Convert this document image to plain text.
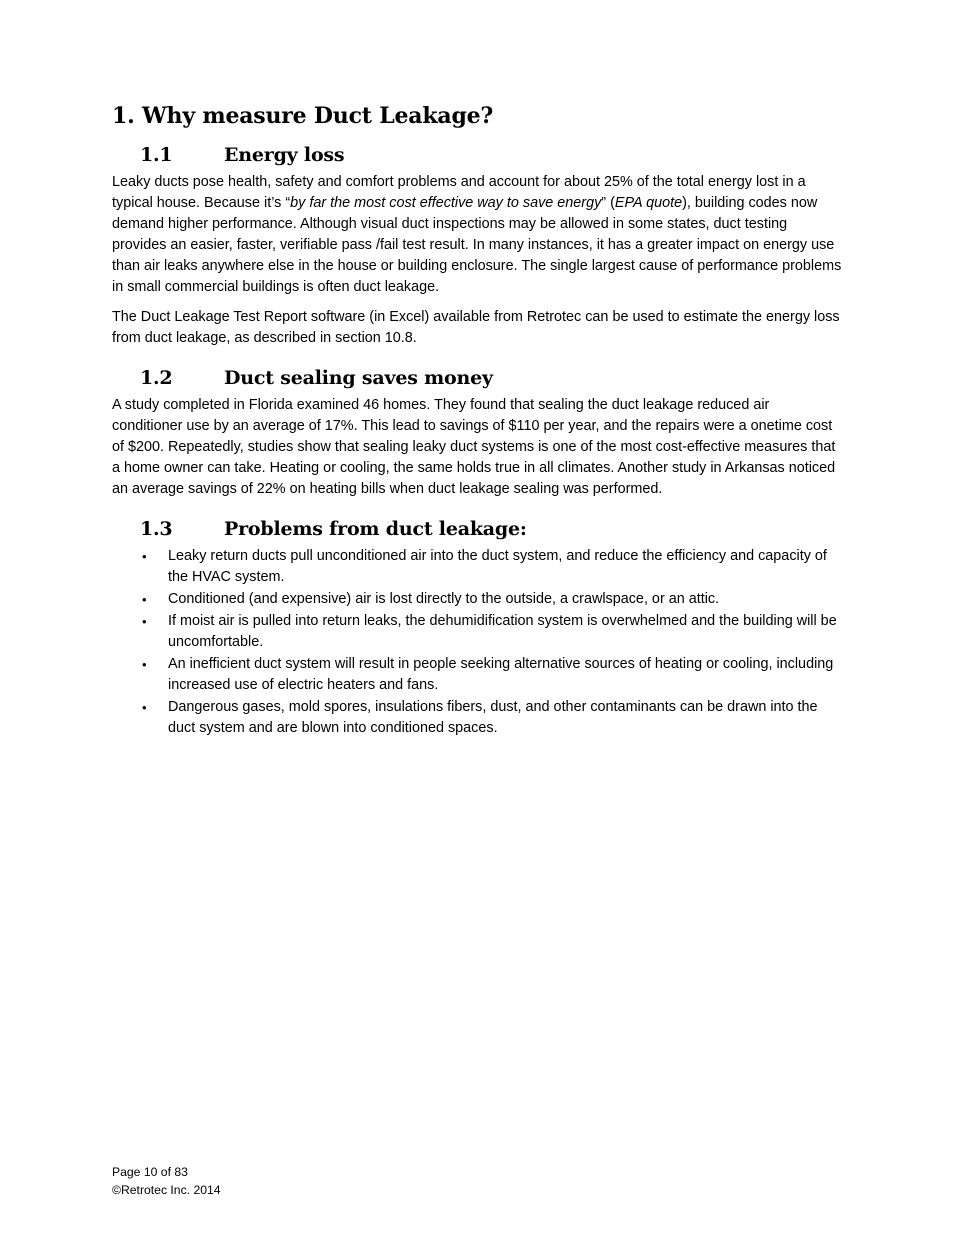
1. Why measure Duct Leakage?
1.1	Energy loss

Leaky ducts pose health, safety and comfort problems and account for about 25% of the total energy lost in a typical house. Because it’s “by far the most cost effective way to save energy” (EPA quote), building codes now demand higher performance. Although visual duct inspections may be allowed in some states, duct testing provides an easier, faster, verifiable pass /fail test result. In many instances, it has a greater impact on energy use than air leaks anywhere else in the house or building enclosure. The single largest cause of performance problems in small commercial buildings is often duct leakage.

The Duct Leakage Test Report software (in Excel) available from Retrotec can be used to estimate the energy loss from duct leakage, as described in section 10.8.

1.2	Duct sealing saves money

A study completed in Florida examined 46 homes. They found that sealing the duct leakage reduced air conditioner use by an average of 17%. This lead to savings of $110 per year, and the repairs were a onetime cost of $200. Repeatedly, studies show that sealing leaky duct systems is one of the most cost-effective measures that a home owner can take. Heating or cooling, the same holds true in all climates. Another study in Arkansas noticed an average savings of 22% on heating bills when duct leakage sealing was performed.

1.3	Problems from duct leakage:
• Leaky return ducts pull unconditioned air into the duct system, and reduce the efficiency and capacity of the HVAC system.
• Conditioned (and expensive) air is lost directly to the outside, a crawlspace, or an attic.
• If moist air is pulled into return leaks, the dehumidification system is overwhelmed and the building will be uncomfortable.
• An inefficient duct system will result in people seeking alternative sources of heating or cooling, including increased use of electric heaters and fans.
• Dangerous gases, mold spores, insulations fibers, dust, and other contaminants can be drawn into the duct system and are blown into conditioned spaces.
Page 10 of 83
©Retrotec Inc. 2014
